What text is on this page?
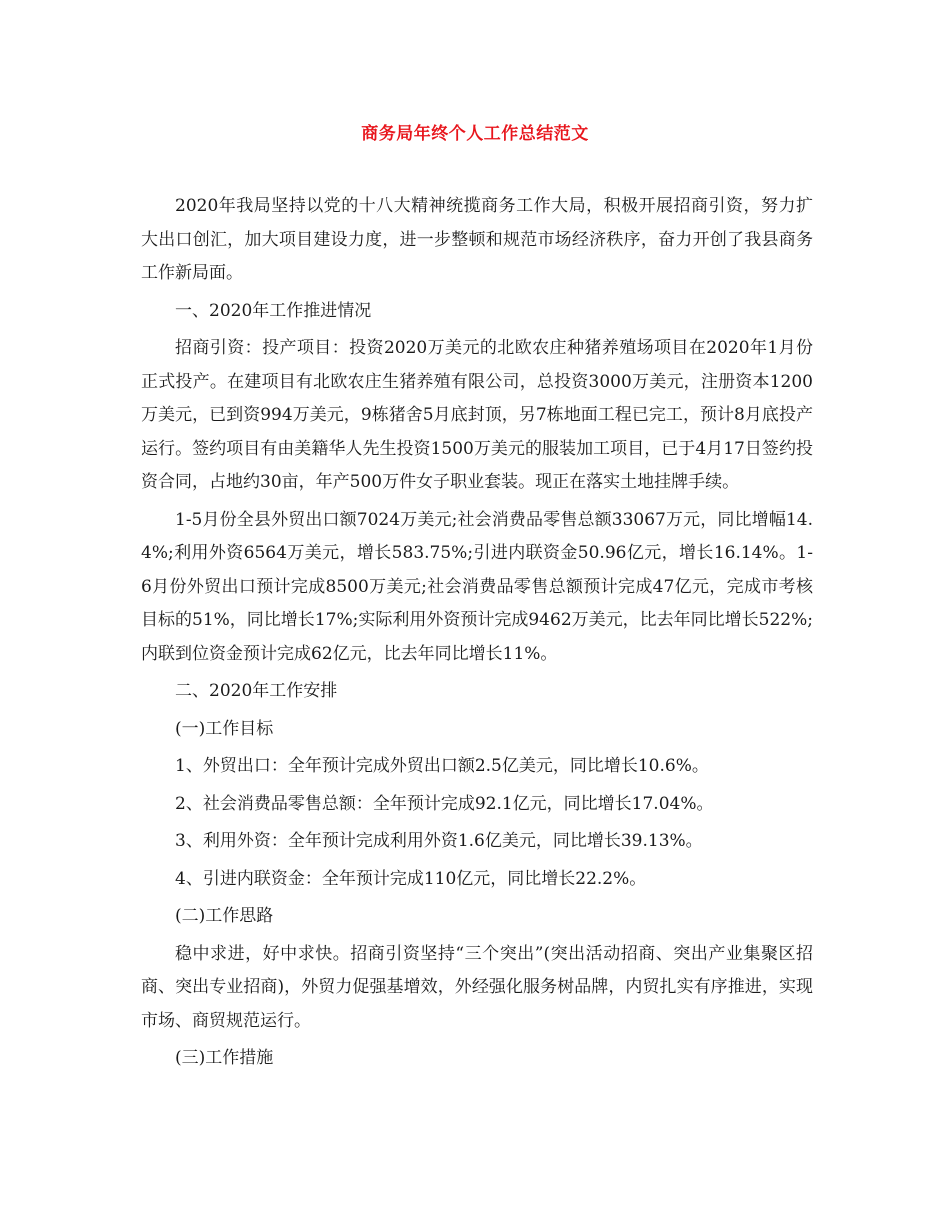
商务局年终个人工作总结范文

2020年我局坚持以党的十八大精神统揽商务工作大局，积极开展招商引资，努力扩大出口创汇，加大项目建设力度，进一步整顿和规范市场经济秩序，奋力开创了我县商务工作新局面。

一、2020年工作推进情况

招商引资：投产项目：投资2020万美元的北欧农庄种猪养殖场项目在2020年1月份正式投产。在建项目有北欧农庄生猪养殖有限公司，总投资3000万美元，注册资本1200万美元，已到资994万美元，9栋猪舍5月底封顶，另7栋地面工程已完工，预计8月底投产运行。签约项目有由美籍华人先生投资1500万美元的服装加工项目，已于4月17日签约投资合同，占地约30亩，年产500万件女子职业套装。现正在落实土地挂牌手续。

1-5月份全县外贸出口额7024万美元;社会消费品零售总额33067万元，同比增幅14.4%;利用外资6564万美元，增长583.75%;引进内联资金50.96亿元，增长16.14%。1-6月份外贸出口预计完成8500万美元;社会消费品零售总额预计完成47亿元，完成市考核目标的51%，同比增长17%;实际利用外资预计完成9462万美元，比去年同比增长522%;内联到位资金预计完成62亿元，比去年同比增长11%。

二、2020年工作安排

(一)工作目标

1、外贸出口：全年预计完成外贸出口额2.5亿美元，同比增长10.6%。

2、社会消费品零售总额：全年预计完成92.1亿元，同比增长17.04%。

3、利用外资：全年预计完成利用外资1.6亿美元，同比增长39.13%。

4、引进内联资金：全年预计完成110亿元，同比增长22.2%。

(二)工作思路

稳中求进，好中求快。招商引资坚持“三个突出”(突出活动招商、突出产业集聚区招商、突出专业招商)，外贸力促强基增效，外经强化服务树品牌，内贸扎实有序推进，实现市场、商贸规范运行。

(三)工作措施
